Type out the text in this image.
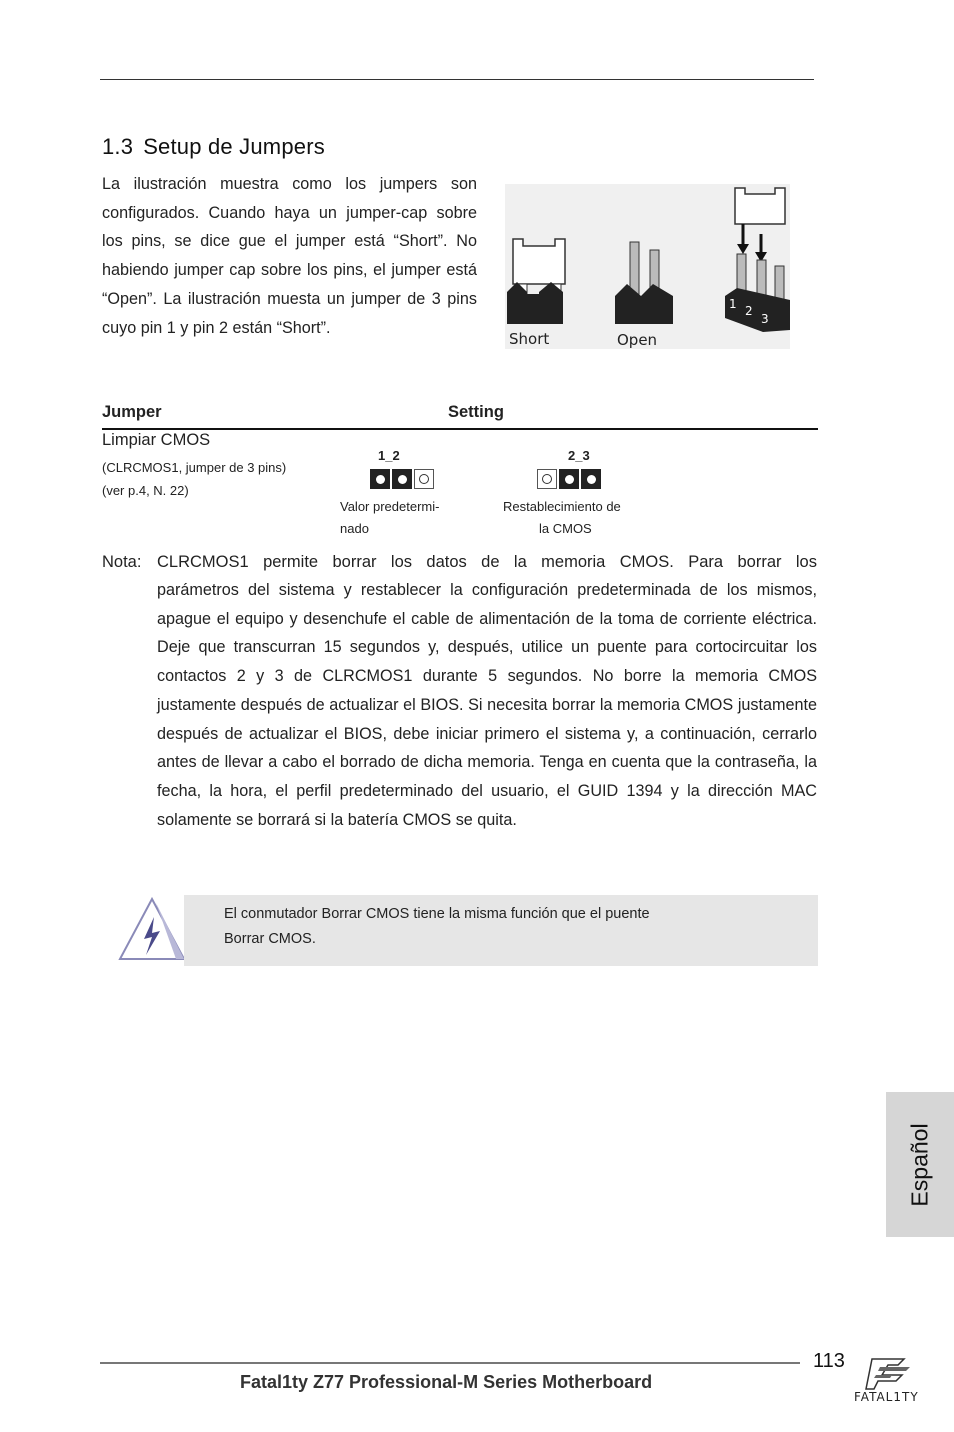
1.3 Setup de Jumpers
La ilustración muestra como los jumpers son configurados. Cuando haya un jumper-cap sobre los pins, se dice gue el jumper está “Short”. No habiendo jumper cap sobre los pins, el jumper está “Open”. La ilustración muesta un jumper de 3 pins cuyo pin 1 y pin 2 están “Short”.
1 2
3
Short	Open
Jumper	Setting
Limpiar CMOS
(CLRCMOS1, jumper de 3 pins)
(ver p.4, N. 22)
1_2
Valor predetermi-
nado
2_3
Restablecimiento de
la CMOS
Nota: CLRCMOS1 permite borrar los datos de la memoria CMOS. Para borrar los
parámetros del sistema y restablecer la configuración predeterminada de los mismos, apague el equipo y desenchufe el cable de alimentación de la toma de corriente eléctrica. Deje que transcurran 15 segundos y, después, utilice un puente para cortocircuitar los contactos 2 y 3 de CLRCMOS1 durante 5 segundos. No borre la memoria CMOS justamente después de actualizar el BIOS. Si necesita borrar la memoria CMOS justamente después de actualizar el BIOS, debe iniciar primero el sistema y, a continuación, cerrarlo antes de llevar a cabo el borrado de dicha memoria. Tenga en cuenta que la contraseña, la fecha, la hora, el perfil predeterminado del usuario, el GUID 1394 y la dirección MAC solamente se borrará si la batería CMOS se quita.
El conmutador Borrar CMOS tiene la misma función que el puente
Borrar CMOS.
Español
113
Fatal1ty Z77 Professional-M Series Motherboard
FATAL1TY
